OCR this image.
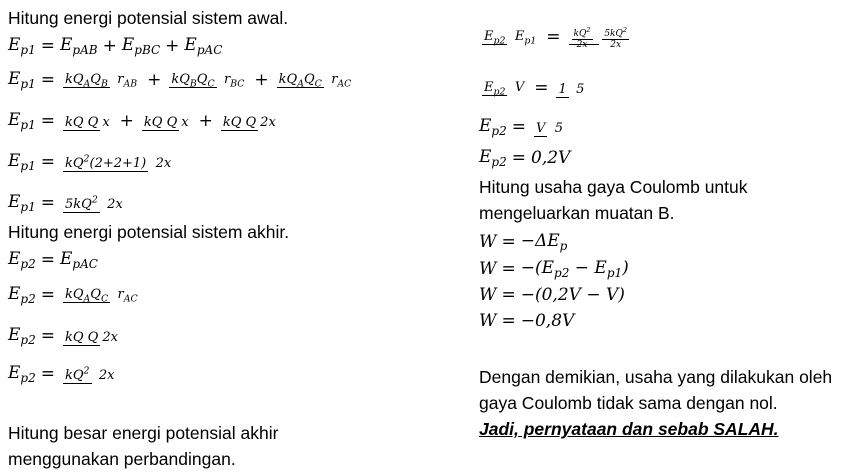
Hitung energi potensial sistem awal.
$E_{p1} = E_{pAB} + E_{pBC} + E_{pAC}$
$E_{p1} = kQ_AQ_B$ $r_{AB} + kQ_BQ_C$ $r_{BC} + kQ_AQ_C$ $r_{AC}$
$E_{p1}$ = kQ Q x + kQ Q x + kQ Q 2x
$E_{p1} = kQ^2(2+2+1)$ 2x
$E_{p1} = 5kQ^2$ 2x
Hitung energi potensial sistem akhir.
$E_{p2} = E_{pAC}$
$E_{p2} = kQ_AQ_C$ $r_{AC}$
$E_{p2}$ = kQ Q 2x
$E_{p2} = kQ^2$ 2x
Hitung besar energi potensial akhir
menggunakan perbandingan.
$E_{p2}$ $E_{p1} = \frac{kQ^2}{2x}$
$\frac{5kQ^2}{2x}$
$E_{p2}$ V = 1 5
$E_{p2} = V$ 5
$E_{p2} = 0,2V$
Hitung usaha gaya Coulomb untuk
mengeluarkan muatan B.
$W = -\Delta E_p$
$W = -(E_{p2} - E_{p1})$
W = −(0,2V − V)
W = −0,8V
Dengan demikian, usaha yang dilakukan oleh
gaya Coulomb tidak sama dengan nol.
Jadi, pernyataan dan sebab SALAH.
